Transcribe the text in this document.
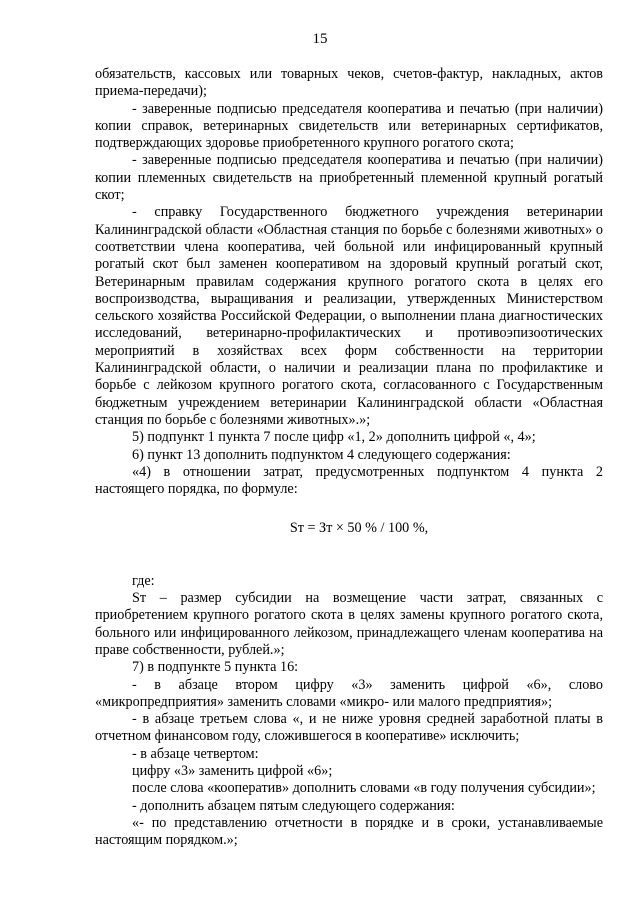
15

обязательств, кассовых или товарных чеков, счетов-фактур, накладных, актов приема-передачи);

- заверенные подписью председателя кооператива и печатью (при наличии) копии справок, ветеринарных свидетельств или ветеринарных сертификатов, подтверждающих здоровье приобретенного крупного рогатого скота;

- заверенные подписью председателя кооператива и печатью (при наличии) копии племенных свидетельств на приобретенный племенной крупный рогатый скот;

- справку Государственного бюджетного учреждения ветеринарии Калининградской области «Областная станция по борьбе с болезнями животных» о соответствии члена кооператива, чей больной или инфицированный крупный рогатый скот был заменен кооперативом на здоровый крупный рогатый скот, Ветеринарным правилам содержания крупного рогатого скота в целях его воспроизводства, выращивания и реализации, утвержденных Министерством сельского хозяйства Российской Федерации, о выполнении плана диагностических исследований, ветеринарно-профилактических и противоэпизоотических мероприятий в хозяйствах всех форм собственности на территории Калининградской области, о наличии и реализации плана по профилактике и борьбе с лейкозом крупного рогатого скота, согласованного с Государственным бюджетным учреждением ветеринарии Калининградской области «Областная станция по борьбе с болезнями животных».»;

5) подпункт 1 пункта 7 после цифр «1, 2» дополнить цифрой «, 4»;

6) пункт 13 дополнить подпунктом 4 следующего содержания:

«4) в отношении затрат, предусмотренных подпунктом 4 пункта 2 настоящего порядка, по формуле:

Sт = Зт × 50 % / 100 %,

где:

Sт – размер субсидии на возмещение части затрат, связанных с приобретением крупного рогатого скота в целях замены крупного рогатого скота, больного или инфицированного лейкозом, принадлежащего членам кооператива на праве собственности, рублей.»;

7) в подпункте 5 пункта 16:

- в абзаце втором цифру «3» заменить цифрой «6», слово «микропредприятия» заменить словами «микро- или малого предприятия»;

- в абзаце третьем слова «, и не ниже уровня средней заработной платы в отчетном финансовом году, сложившегося в кооперативе» исключить;

- в абзаце четвертом:

цифру «3» заменить цифрой «6»;

после слова «кооператив» дополнить словами «в году получения субсидии»;

- дополнить абзацем пятым следующего содержания:

«- по представлению отчетности в порядке и в сроки, устанавливаемые настоящим порядком.»;
